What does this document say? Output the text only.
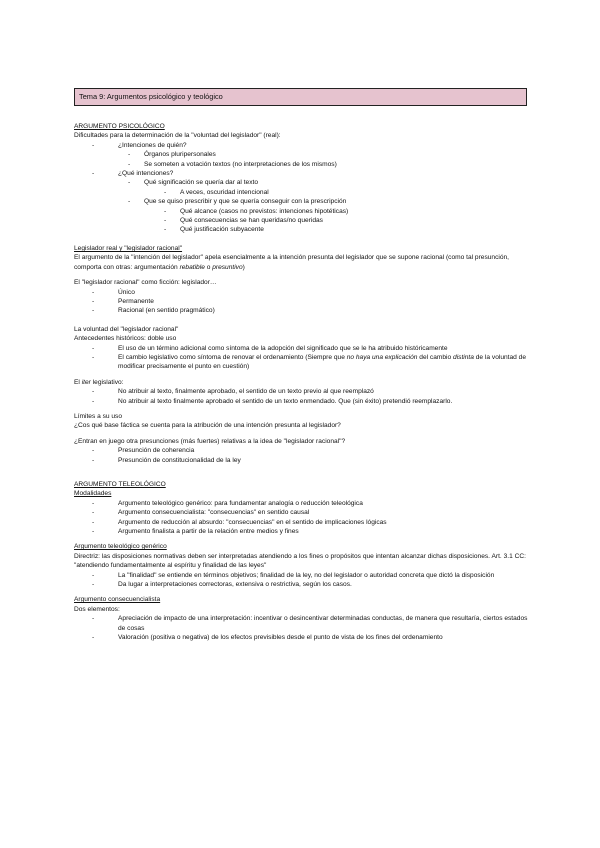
Tema 9: Argumentos psicológico y teológico

ARGUMENTO PSICOLÓGICO

Dificultades para la determinación de la "voluntad del legislador" (real):

- ¿Intenciones de quién?

- Órganos pluripersonales

- Se someten a votación textos (no interpretaciones de los mismos)

- ¿Qué intenciones?

- Qué significación se quería dar al texto

- A veces, oscuridad intencional

- Que se quiso prescribir y que se quería conseguir con la prescripción

- Qué alcance (casos no previstos: intenciones hipotéticas)

- Qué consecuencias se han queridas/no queridas

- Qué justificación subyacente

Legislador real y "legislador racional"

El argumento de la "intención del legislador" apela esencialmente a la intención presunta del legislador que se supone racional (como tal presunción, comporta con otras: argumentación rebatible o presuntivo)

El "legislador racional" como ficción: legislador…

- Único

- Permanente

- Racional (en sentido pragmático)

La voluntad del "legislador racional"

Antecedentes históricos: doble uso

- El uso de un término adicional como síntoma de la adopción del significado que se le ha atribuido históricamente

- El cambio legislativo como síntoma de renovar el ordenamiento (Siempre que no haya una explicación del cambio distinta de la voluntad de modificar precisamente el punto en cuestión)

El iter legislativo:

- No atribuir al texto, finalmente aprobado, el sentido de un texto previo al que reemplazó

- No atribuir al texto finalmente aprobado el sentido de un texto enmendado. Que (sin éxito) pretendió reemplazarlo.

Límites a su uso

¿Cos qué base fáctica se cuenta para la atribución de una intención presunta al legislador?

¿Entran en juego otra presunciones (más fuertes) relativas a la idea de "legislador racional"?

- Presunción de coherencia

- Presunción de constitucionalidad de la ley

ARGUMENTO TELEOLÓGICO

Modalidades

- Argumento teleológico genérico: para fundamentar analogía o reducción teleológica

- Argumento consecuencialista: "consecuencias" en sentido causal

- Argumento de reducción al absurdo: "consecuencias" en el sentido de implicaciones lógicas

- Argumento finalista a partir de la relación entre medios y fines

Argumento teleológico genérico

Directriz: las disposiciones normativas deben ser interpretadas atendiendo a los fines o propósitos que intentan alcanzar dichas disposiciones. Art. 3.1 CC: "atendiendo fundamentalmente al espíritu y finalidad de las leyes"

- La "finalidad" se entiende en términos objetivos; finalidad de la ley, no del legislador o autoridad concreta que dictó la disposición

- Da lugar a interpretaciones correctoras, extensiva o restrictiva, según los casos.

Argumento consecuencialista

Dos elementos:

- Apreciación de impacto de una interpretación: incentivar o desincentivar determinadas conductas, de manera que resultaría, ciertos estados de cosas

- Valoración (positiva o negativa) de los efectos previsibles desde el punto de vista de los fines del ordenamiento
